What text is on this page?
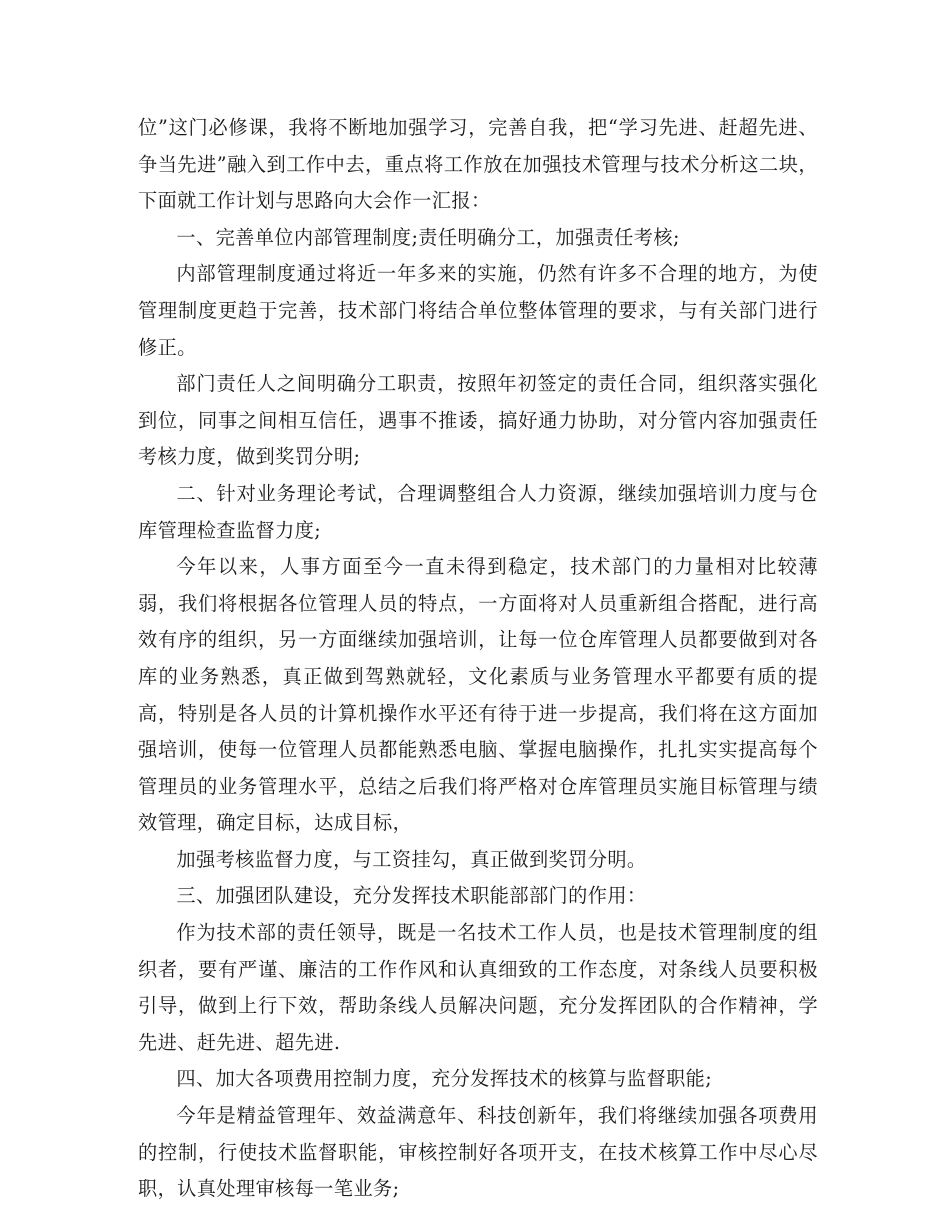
位”这门必修课，我将不断地加强学习，完善自我，把“学习先进、赶超先进、争当先进”融入到工作中去，重点将工作放在加强技术管理与技术分析这二块，下面就工作计划与思路向大会作一汇报：

一、完善单位内部管理制度;责任明确分工，加强责任考核;

内部管理制度通过将近一年多来的实施，仍然有许多不合理的地方，为使管理制度更趋于完善，技术部门将结合单位整体管理的要求，与有关部门进行修正。

部门责任人之间明确分工职责，按照年初签定的责任合同，组织落实强化到位，同事之间相互信任，遇事不推诿，搞好通力协助，对分管内容加强责任考核力度，做到奖罚分明;

二、针对业务理论考试，合理调整组合人力资源，继续加强培训力度与仓库管理检查监督力度;

今年以来，人事方面至今一直未得到稳定，技术部门的力量相对比较薄弱，我们将根据各位管理人员的特点，一方面将对人员重新组合搭配，进行高效有序的组织，另一方面继续加强培训，让每一位仓库管理人员都要做到对各库的业务熟悉，真正做到驾熟就轻，文化素质与业务管理水平都要有质的提高，特别是各人员的计算机操作水平还有待于进一步提高，我们将在这方面加强培训，使每一位管理人员都能熟悉电脑、掌握电脑操作，扎扎实实提高每个管理员的业务管理水平，总结之后我们将严格对仓库管理员实施目标管理与绩效管理，确定目标，达成目标，

加强考核监督力度，与工资挂勾，真正做到奖罚分明。

三、加强团队建设，充分发挥技术职能部部门的作用：

作为技术部的责任领导，既是一名技术工作人员，也是技术管理制度的组织者，要有严谨、廉洁的工作作风和认真细致的工作态度，对条线人员要积极引导，做到上行下效，帮助条线人员解决问题，充分发挥团队的合作精神，学先进、赶先进、超先进.

四、加大各项费用控制力度，充分发挥技术的核算与监督职能;

今年是精益管理年、效益满意年、科技创新年，我们将继续加强各项费用的控制，行使技术监督职能，审核控制好各项开支，在技术核算工作中尽心尽职，认真处理审核每一笔业务;
